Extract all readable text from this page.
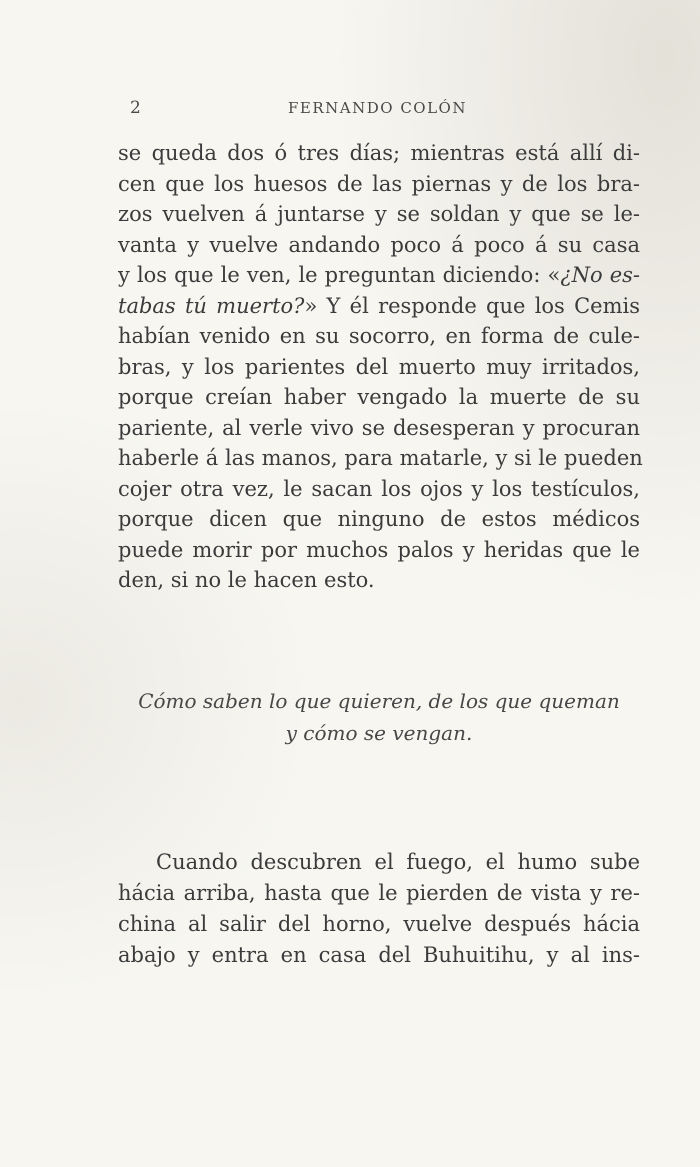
2	FERNANDO COLÓN
se queda dos ó tres días; mientras está allí di-
cen que los huesos de las piernas y de los bra-
zos vuelven á juntarse y se soldan y que se le-
vanta y vuelve andando poco á poco á su casa
y los que le ven, le preguntan diciendo: «¿No es-
tabas tú muerto?» Y él responde que los Cemis
habían venido en su socorro, en forma de cule-
bras, y los parientes del muerto muy irritados,
porque creían haber vengado la muerte de su
pariente, al verle vivo se desesperan y procuran
haberle á las manos, para matarle, y si le pueden
cojer otra vez, le sacan los ojos y los testículos,
porque dicen que ninguno de estos médicos
puede morir por muchos palos y heridas que le
den, si no le hacen esto.
Cómo saben lo que quieren, de los que queman
y cómo se vengan.
Cuando descubren el fuego, el humo sube
hácia arriba, hasta que le pierden de vista y re-
china al salir del horno, vuelve después hácia
abajo y entra en casa del Buhuitihu, y al ins-
